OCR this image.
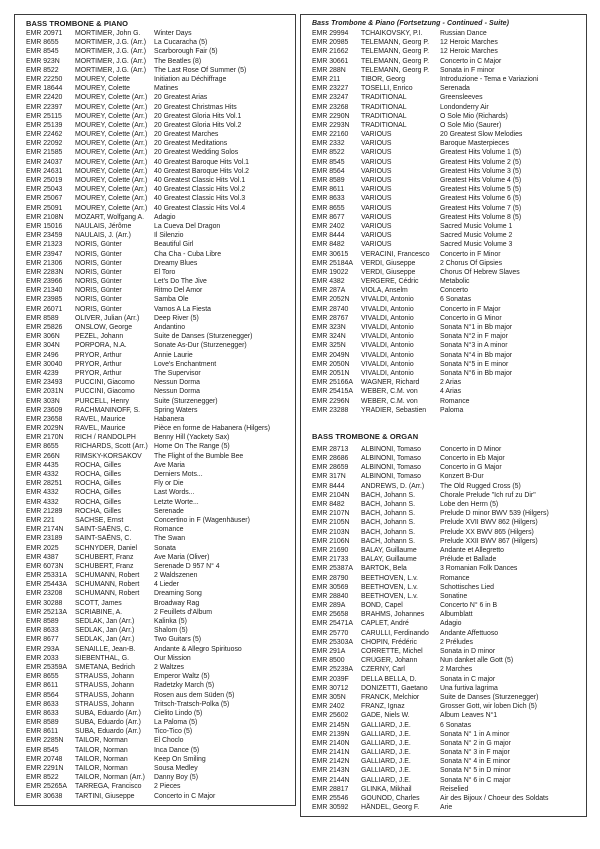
BASS TROMBONE & PIANO
EMR 20971	MORTIMER, John G.	Winter Days
EMR 8655	MORTIMER, J.G. (Arr.)	La Cucaracha (5)
EMR 8545	MORTIMER, J.G. (Arr.)	Scarborough Fair (5)
EMR 923N	MORTIMER, J.G. (Arr.)	The Beatles (8)
EMR 8522	MORTIMER, J.G. (Arr.)	The Last Rose Of Summer (5)
EMR 22250	MOUREY, Colette	Initiation au Déchiffrage
EMR 18644	MOUREY, Colette	Matines
EMR 22420	MOUREY, Colette (Arr.) 20 Greatest Arias
EMR 22397	MOUREY, Colette (Arr.) 20 Greatest Christmas Hits
EMR 25115	MOUREY, Colette (Arr.) 20 Greatest Gloria Hits Vol.1
EMR 25139	MOUREY, Colette (Arr.) 20 Greatest Gloria Hits Vol.2
EMR 22462	MOUREY, Colette (Arr.) 20 Greatest Marches
EMR 22092	MOUREY, Colette (Arr.) 20 Greatest Meditations
EMR 21585	MOUREY, Colette (Arr.) 20 Greatest Wedding Solos
EMR 24037	MOUREY, Colette (Arr.) 40 Greatest Baroque Hits Vol.1
EMR 24631	MOUREY, Colette (Arr.) 40 Greatest Baroque Hits Vol.2
EMR 25019	MOUREY, Colette (Arr.) 40 Greatest Classic Hits Vol.1
EMR 25043	MOUREY, Colette (Arr.) 40 Greatest Classic Hits Vol.2
EMR 25067	MOUREY, Colette (Arr.) 40 Greatest Classic Hits Vol.3
EMR 25091	MOUREY, Colette (Arr.) 40 Greatest Classic Hits Vol.4
EMR 2108N	MOZART, Wolfgang A.	Adagio
EMR 15016	NAULAIS, Jérôme	La Cueva Del Dragon
EMR 23459	NAULAIS, J. (Arr.)	Il Silenzio
EMR 21323	NORIS, Günter	Beautiful Girl
EMR 23947	NORIS, Günter	Cha Cha - Cuba Libre
EMR 21306	NORIS, Günter	Dreamy Blues
EMR 2283N	NORIS, Günter	El Toro
EMR 23966	NORIS, Günter	Let's Do The Jive
EMR 21340	NORIS, Günter	Ritmo Del Amor
EMR 23985	NORIS, Günter	Samba Ole
EMR 26071	NORIS, Günter	Vamos A La Fiesta
EMR 8589	OLIVER, Julian (Arr.)	Deep River (5)
EMR 25826	ONSLOW, George	Andantino
EMR 306N	PEZEL, Johann	Suite de Danses (Sturzenegger)
EMR 304N	PORPORA, N.A.	Sonate As-Dur (Sturzenegger)
EMR 2496	PRYOR, Arthur	Annie Laurie
EMR 30040	PRYOR, Arthur	Love's Enchantment
EMR 4239	PRYOR, Arthur	The Supervisor
EMR 23493	PUCCINI, Giacomo	Nessun Dorma
EMR 2031N	PUCCINI, Giacomo	Nessun Dorma
EMR 303N	PURCELL, Henry	Suite (Sturzenegger)
EMR 23609	RACHMANINOFF, S.	Spring Waters
EMR 23658	RAVEL, Maurice	Habanera
EMR 2029N	RAVEL, Maurice	Pièce en forme de Habanera (Hilgers)
EMR 2170N	RICH / RANDOLPH	Benny Hill (Yackety Sax)
EMR 8655	RICHARDS, Scott (Arr.) Home On The Range (5)
EMR 266N	RIMSKY-KORSAKOV	The Flight of the Bumble Bee
EMR 4435	ROCHA, Gilles	Ave Maria
EMR 4332	ROCHA, Gilles	Derniers Mots...
EMR 28251	ROCHA, Gilles	Fly or Die
EMR 4332	ROCHA, Gilles	Last Words...
EMR 4332	ROCHA, Gilles	Letzte Worte...
EMR 21289	ROCHA, Gilles	Serenade
EMR 221	SACHSE, Ernst	Concertino in F (Wagenhäuser)
EMR 2174N	SAINT-SAËNS, C.	Romance
EMR 23189	SAINT-SAËNS, C.	The Swan
EMR 2025	SCHNYDER, Daniel	Sonata
EMR 4387	SCHUBERT, Franz	Ave Maria (Oliver)
EMR 6073N	SCHUBERT, Franz	Serenade D 957 N° 4
EMR 25331A	SCHUMANN, Robert	2 Waldszenen
EMR 25443A	SCHUMANN, Robert	4 Lieder
EMR 23208	SCHUMANN, Robert	Dreaming Song
EMR 30288	SCOTT, James	Broadway Rag
EMR 25213A	SCRIABINE, A.	2 Feuillets d'Album
EMR 8589	SEDLAK, Jan (Arr.)	Kalinka (5)
EMR 8633	SEDLAK, Jan (Arr.)	Shalom (5)
EMR 8677	SEDLAK, Jan (Arr.)	Two Guitars (5)
EMR 293A	SENAILLE, Jean-B.	Andante & Allegro Spirituoso
EMR 2033	SIEBENTHAL, G.	Our Mission
EMR 25359A	SMETANA, Bedrich	2 Waltzes
EMR 8655	STRAUSS, Johann	Emperor Waltz (5)
EMR 8611	STRAUSS, Johann	Radetzky March (5)
EMR 8564	STRAUSS, Johann	Rosen aus dem Süden (5)
EMR 8633	STRAUSS, Johann	Tritsch-Tratsch-Polka (5)
EMR 8633	SUBA, Eduardo (Arr.)	Cielito Lindo (5)
EMR 8589	SUBA, Eduardo (Arr.)	La Paloma (5)
EMR 8611	SUBA, Eduardo (Arr.)	Tico-Tico (5)
EMR 2285N	TAILOR, Norman	El Choclo
EMR 8545	TAILOR, Norman	Inca Dance (5)
EMR 20748	TAILOR, Norman	Keep On Smiling
EMR 2291N	TAILOR, Norman	Sousa Medley
EMR 8522	TAILOR, Norman (Arr.)	Danny Boy (5)
EMR 25265A	TARREGA, Francisco	2 Pieces
EMR 30638	TARTINI, Giuseppe	Concerto in C Major
Bass Trombone & Piano (Fortsetzung - Continued - Suite)
EMR 29994	TCHAIKOVSKY, P.I.	Russian Dance
EMR 20985	TELEMANN, Georg P.	12 Heroic Marches
EMR 21662	TELEMANN, Georg P.	12 Heroic Marches
EMR 30661	TELEMANN, Georg P.	Concerto in C Major
EMR 288N	TELEMANN, Georg P.	Sonata in F minor
EMR 211	TIBOR, Georg	Introduzione - Tema e Variazioni
EMR 23227	TOSELLI, Enrico	Serenada
EMR 23247	TRADITIONAL	Greensleeves
EMR 23268	TRADITIONAL	Londonderry Air
EMR 2290N	TRADITIONAL	O Sole Mio (Richards)
EMR 2293N	TRADITIONAL	O Sole Mio (Saurer)
EMR 22160	VARIOUS	20 Greatest Slow Melodies
EMR 2332	VARIOUS	Baroque Masterpieces
EMR 8522	VARIOUS	Greatest Hits Volume 1 (5)
EMR 8545	VARIOUS	Greatest Hits Volume 2 (5)
EMR 8564	VARIOUS	Greatest Hits Volume 3 (5)
EMR 8589	VARIOUS	Greatest Hits Volume 4 (5)
EMR 8611	VARIOUS	Greatest Hits Volume 5 (5)
EMR 8633	VARIOUS	Greatest Hits Volume 6 (5)
EMR 8655	VARIOUS	Greatest Hits Volume 7 (5)
EMR 8677	VARIOUS	Greatest Hits Volume 8 (5)
EMR 2402	VARIOUS	Sacred Music Volume 1
EMR 8444	VARIOUS	Sacred Music Volume 2
EMR 8482	VARIOUS	Sacred Music Volume 3
EMR 30615	VERACINI, Francesco	Concerto in F Minor
EMR 25184A	VERDI, Giuseppe	2 Chorus Of Gipsies
EMR 19022	VERDI, Giuseppe	Chorus Of Hebrew Slaves
EMR 4382	VERGERE, Cédric	Metabolic
EMR 287A	VIOLA, Anselm	Concerto
EMR 2052N	VIVALDI, Antonio	6 Sonatas
EMR 28740	VIVALDI, Antonio	Concerto in F Major
EMR 28767	VIVALDI, Antonio	Concerto in G Minor
EMR 323N	VIVALDI, Antonio	Sonata N°1 in Bb major
EMR 324N	VIVALDI, Antonio	Sonata N°2 in F major
EMR 325N	VIVALDI, Antonio	Sonata N°3 in A minor
EMR 2049N	VIVALDI, Antonio	Sonata N°4 in Bb major
EMR 2050N	VIVALDI, Antonio	Sonata N°5 in E minor
EMR 2051N	VIVALDI, Antonio	Sonata N°6 in Bb major
EMR 25166A	WAGNER, Richard	2 Arias
EMR 25415A	WEBER, C.M. von	4 Arias
EMR 2296N	WEBER, C.M. von	Romance
EMR 23288	YRADIER, Sebastien	Paloma
BASS TROMBONE & ORGAN
EMR 28713	ALBINONI, Tomaso	Concerto in D Minor
EMR 28686	ALBINONI, Tomaso	Concerto in Eb Major
EMR 28659	ALBINONI, Tomaso	Concerto in G Major
EMR 317N	ALBINONI, Tomaso	Konzert B-Dur
EMR 8444	ANDREWS, D. (Arr.)	The Old Rugged Cross (5)
EMR 2104N	BACH, Johann S.	Chorale Prelude "Ich ruf zu Dir"
EMR 8482	BACH, Johann S.	Lobe den Herrn (5)
EMR 2107N	BACH, Johann S.	Prelude D minor BWV 539 (Hilgers)
EMR 2105N	BACH, Johann S.	Prelude XVII BWV 862 (Hilgers)
EMR 2103N	BACH, Johann S.	Prelude XX BWV 865 (Hilgers)
EMR 2106N	BACH, Johann S.	Prelude XXII BWV 867 (Hilgers)
EMR 21690	BALAY, Guillaume	Andante et Allegretto
EMR 21733	BALAY, Guillaume	Prélude et Ballade
EMR 25387A	BARTOK, Bela	3 Romanian Folk Dances
EMR 28790	BEETHOVEN, L.v.	Romance
EMR 30569	BEETHOVEN, L.v.	Schottisches Lied
EMR 28840	BEETHOVEN, L.v.	Sonatine
EMR 289A	BOND, Capel	Concerto N° 6 in B
EMR 25658	BRAHMS, Johannes	Albumblatt
EMR 25471A	CAPLET, André	Adagio
EMR 25770	CARULLI, Ferdinando	Andante Affettuoso
EMR 25303A	CHOPIN, Frédéric	2 Préludes
EMR 291A	CORRETTE, Michel	Sonata in D minor
EMR 8500	CRÜGER, Johann	Nun danket alle Gott (5)
EMR 25239A	CZERNY, Carl	2 Marches
EMR 2039F	DELLA BELLA, D.	Sonata in C major
EMR 30712	DONIZETTI, Gaetano	Una furtiva lagrima
EMR 305N	FRANCK, Melchior	Suite de Danses (Sturzenegger)
EMR 2402	FRANZ, Ignaz	Grosser Gott, wir loben Dich (5)
EMR 25602	GADE, Niels W.	Album Leaves N°1
EMR 2145N	GALLIARD, J.E.	6 Sonatas
EMR 2139N	GALLIARD, J.E.	Sonata N° 1 in A minor
EMR 2140N	GALLIARD, J.E.	Sonata N° 2 in G major
EMR 2141N	GALLIARD, J.E.	Sonata N° 3 in F major
EMR 2142N	GALLIARD, J.E.	Sonata N° 4 in E minor
EMR 2143N	GALLIARD, J.E.	Sonata N° 5 in D minor
EMR 2144N	GALLIARD, J.E.	Sonata N° 6 in C major
EMR 28817	GLINKA, Mikhail	Reiselied
EMR 25546	GOUNOD, Charles	Air des Bijoux / Choeur des Soldats
EMR 30592	HÄNDEL, Georg F.	Arie
